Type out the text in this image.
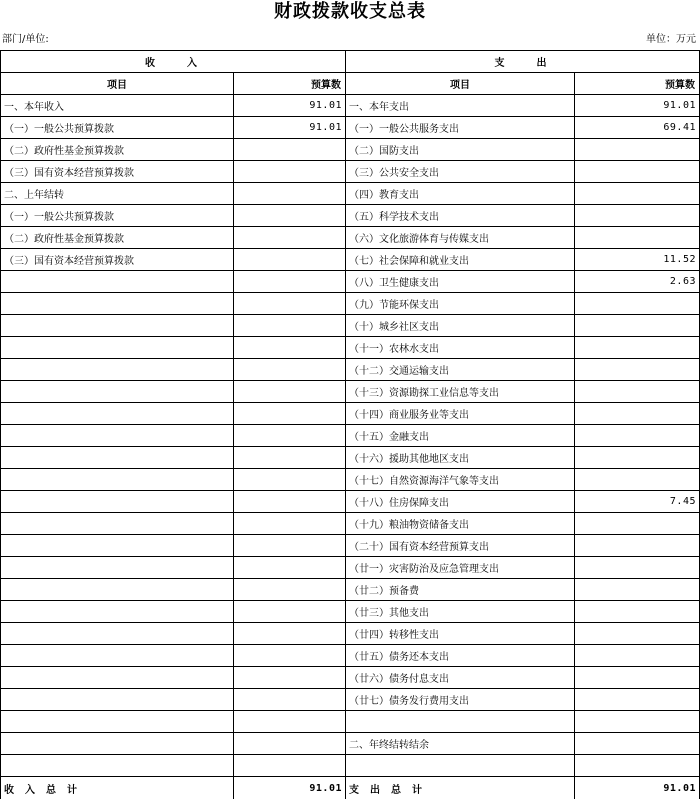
财政拨款收支总表
部门/单位:	单位：万元
收　　入		支　　出	
项目	预算数	项目	预算数
一、本年收入	91.01	一、本年支出	91.01
（一）一般公共预算拨款	91.01	（一）一般公共服务支出	69.41
（二）政府性基金预算拨款		（二）国防支出	
（三）国有资本经营预算拨款		（三）公共安全支出	
二、上年结转		（四）教育支出	
（一）一般公共预算拨款		（五）科学技术支出	
（二）政府性基金预算拨款		（六）文化旅游体育与传媒支出	
（三）国有资本经营预算拨款		（七）社会保障和就业支出	11.52
		（八）卫生健康支出	2.63
		（九）节能环保支出	
		（十）城乡社区支出	
		（十一）农林水支出	
		（十二）交通运输支出	
		（十三）资源勘探工业信息等支出	
		（十四）商业服务业等支出	
		（十五）金融支出	
		（十六）援助其他地区支出	
		（十七）自然资源海洋气象等支出	
		（十八）住房保障支出	7.45
		（十九）粮油物资储备支出	
		（二十）国有资本经营预算支出	
		（廿一）灾害防治及应急管理支出	
		（廿二）预备费	
		（廿三）其他支出	
		（廿四）转移性支出	
		（廿五）债务还本支出	
		（廿六）债务付息支出	
		（廿七）债务发行费用支出	

		二、年终结转结余	

收入总计	91.01	支出总计	91.01
